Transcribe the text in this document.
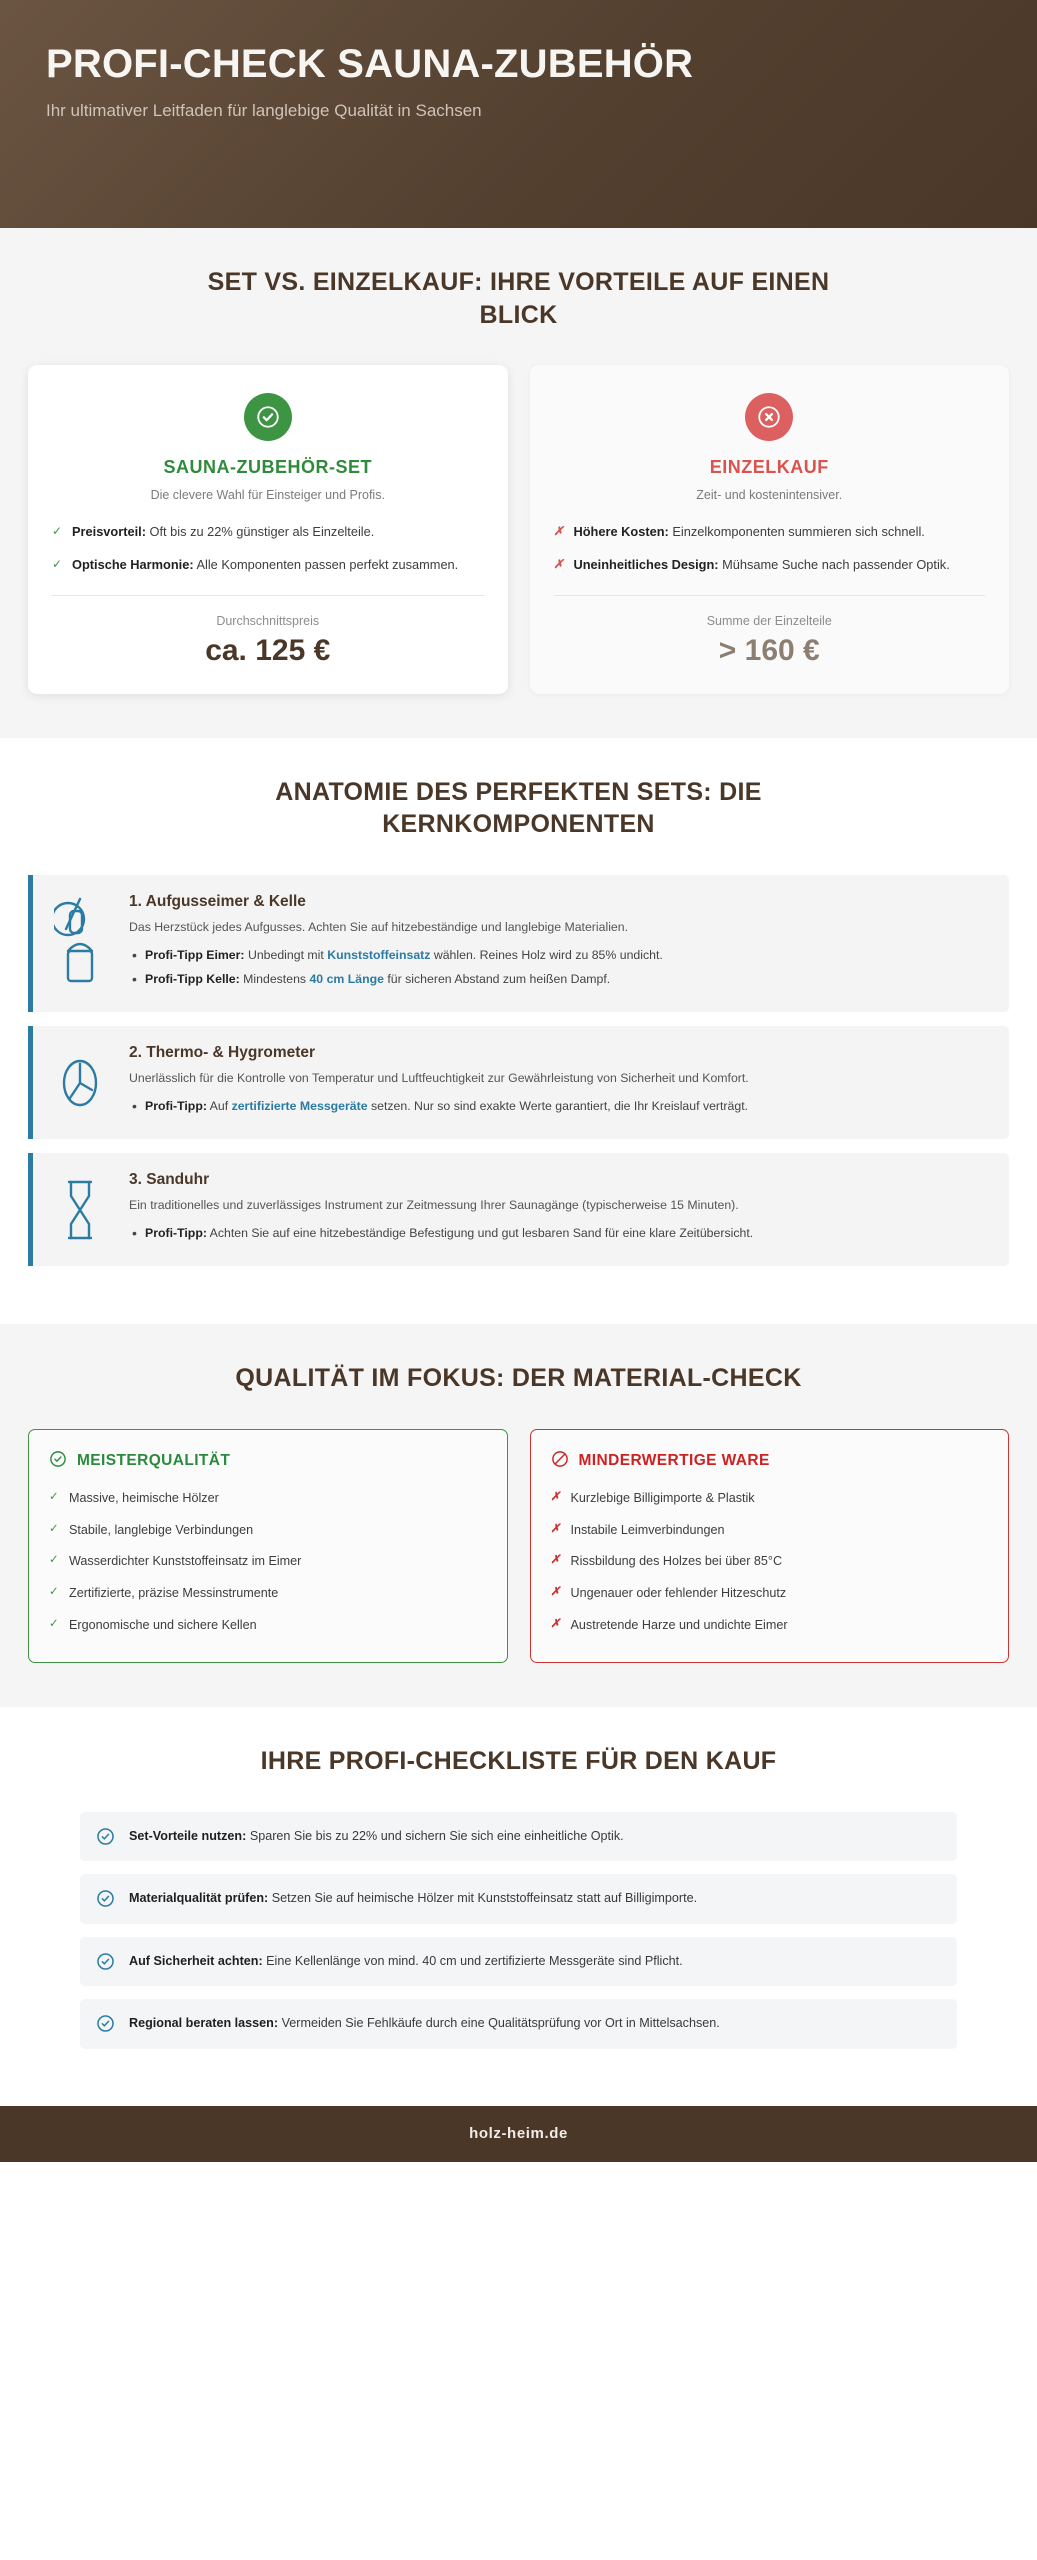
PROFI-CHECK SAUNA-ZUBEHÖR
Ihr ultimativer Leitfaden für langlebige Qualität in Sachsen
SET VS. EINZELKAUF: IHRE VORTEILE AUF EINEN BLICK
SAUNA-ZUBEHÖR-SET
Die clevere Wahl für Einsteiger und Profis.
✓ Preisvorteil: Oft bis zu 22% günstiger als Einzelteile.
✓ Optische Harmonie: Alle Komponenten passen perfekt zusammen.
Durchschnittspreis
ca. 125 €
EINZELKAUF
Zeit- und kostenintensiver.
✗ Höhere Kosten: Einzelkomponenten summieren sich schnell.
✗ Uneinheitliches Design: Mühsame Suche nach passender Optik.
Summe der Einzelteile
> 160 €
ANATOMIE DES PERFEKTEN SETS: DIE KERNKOMPONENTEN
1. Aufgusseimer & Kelle
Das Herzstück jedes Aufgusses. Achten Sie auf hitzebeständige und langlebige Materialien.
• Profi-Tipp Eimer: Unbedingt mit Kunststoffeinsatz wählen. Reines Holz wird zu 85% undicht.
• Profi-Tipp Kelle: Mindestens 40 cm Länge für sicheren Abstand zum heißen Dampf.
2. Thermo- & Hygrometer
Unerlässlich für die Kontrolle von Temperatur und Luftfeuchtigkeit zur Gewährleistung von Sicherheit und Komfort.
• Profi-Tipp: Auf zertifizierte Messgeräte setzen. Nur so sind exakte Werte garantiert, die Ihr Kreislauf verträgt.
3. Sanduhr
Ein traditionelles und zuverlässiges Instrument zur Zeitmessung Ihrer Saunagänge (typischerweise 15 Minuten).
• Profi-Tipp: Achten Sie auf eine hitzebeständige Befestigung und gut lesbaren Sand für eine klare Zeitübersicht.
QUALITÄT IM FOKUS: DER MATERIAL-CHECK
MEISTERQUALITÄT
✓ Massive, heimische Hölzer
✓ Stabile, langlebige Verbindungen
✓ Wasserdichter Kunststoffeinsatz im Eimer
✓ Zertifizierte, präzise Messinstrumente
✓ Ergonomische und sichere Kellen
MINDERWERTIGE WARE
✗ Kurzlebige Billigimporte & Plastik
✗ Instabile Leimverbindungen
✗ Rissbildung des Holzes bei über 85°C
✗ Ungenauer oder fehlender Hitzeschutz
✗ Austretende Harze und undichte Eimer
IHRE PROFI-CHECKLISTE FÜR DEN KAUF
Set-Vorteile nutzen: Sparen Sie bis zu 22% und sichern Sie sich eine einheitliche Optik.
Materialqualität prüfen: Setzen Sie auf heimische Hölzer mit Kunststoffeinsatz statt auf Billigimporte.
Auf Sicherheit achten: Eine Kellenlänge von mind. 40 cm und zertifizierte Messgeräte sind Pflicht.
Regional beraten lassen: Vermeiden Sie Fehlkäufe durch eine Qualitätsprüfung vor Ort in Mittelsachsen.
holz-heim.de
